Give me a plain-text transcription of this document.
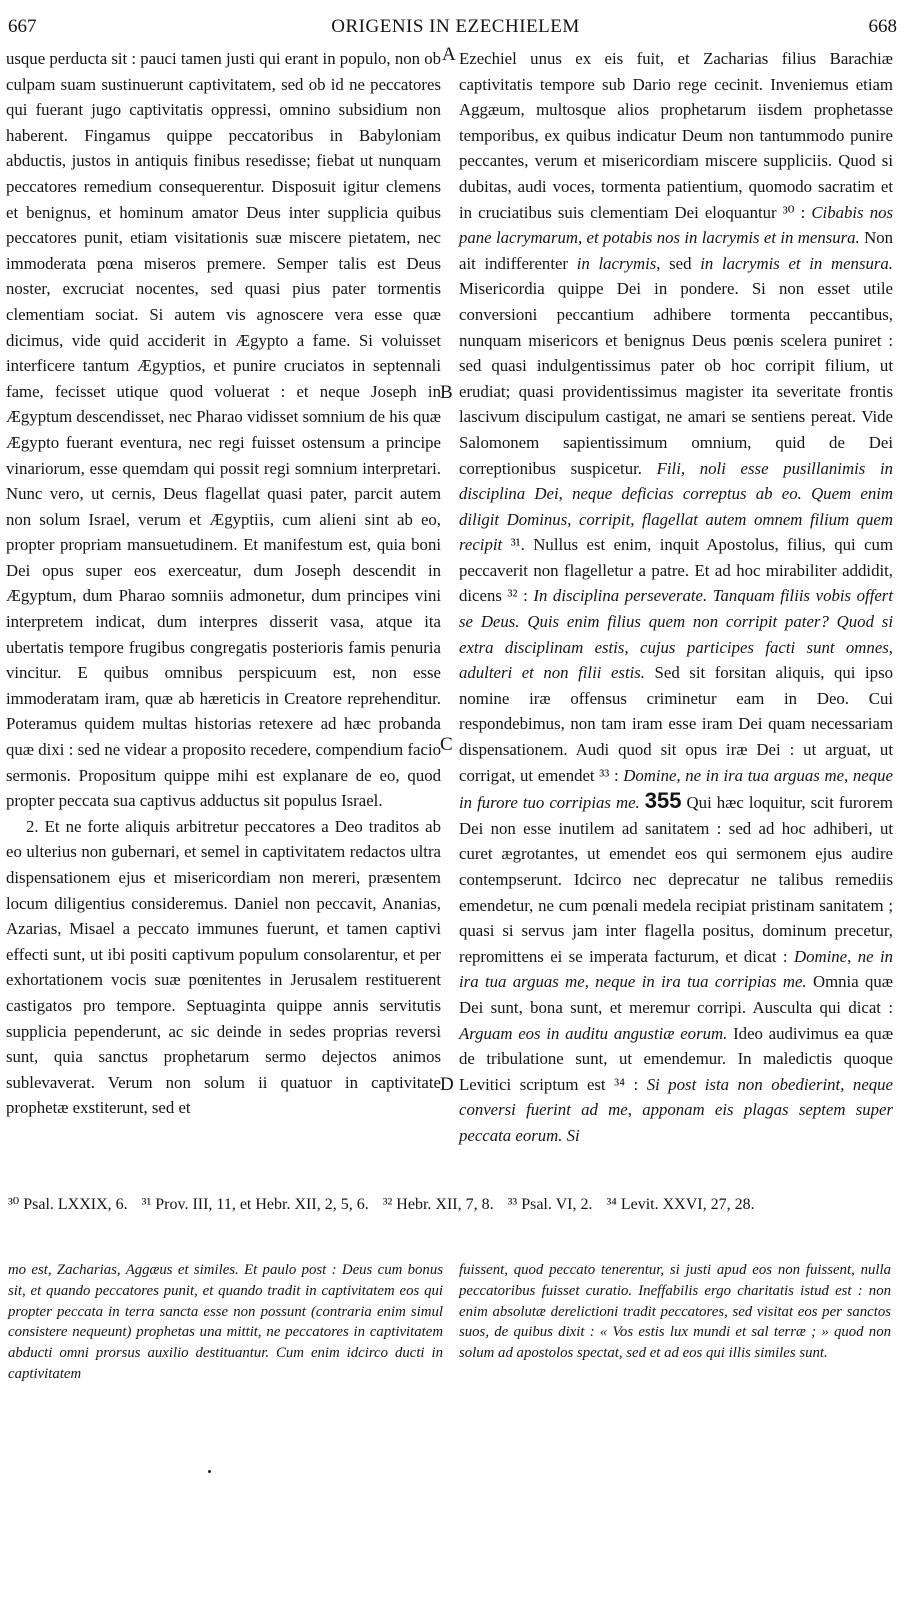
667	ORIGENIS IN EZECHIELEM	668
A
B
C
D

usque perducta sit : pauci tamen justi qui erant in populo, non ob culpam suam sustinuerunt captivitatem, sed ob id ne peccatores qui fuerant jugo captivitatis oppressi, omnino subsidium non haberent. Fingamus quippe peccatoribus in Babyloniam abductis, justos in antiquis finibus resedisse; fiebat ut nunquam peccatores remedium consequerentur. Disposuit igitur clemens et benignus, et hominum amator Deus inter supplicia quibus peccatores punit, etiam visitationis suæ miscere pietatem, nec immoderata pœna miseros premere. Semper talis est Deus noster, excruciat nocentes, sed quasi pius pater tormentis clementiam sociat. Si autem vis agnoscere vera esse quæ dicimus, vide quid acciderit in Ægypto a fame. Si voluisset interficere tantum Ægyptios, et punire cruciatos in septennali fame, fecisset utique quod voluerat : et neque Joseph in Ægyptum descendisset, nec Pharao vidisset somnium de his quæ Ægypto fuerant eventura, nec regi fuisset ostensum a principe vinariorum, esse quemdam qui possit regi somnium interpretari. Nunc vero, ut cernis, Deus flagellat quasi pater, parcit autem non solum Israel, verum et Ægyptiis, cum alieni sint ab eo, propter propriam mansuetudinem. Et manifestum est, quia boni Dei opus super eos exerceatur, dum Joseph descendit in Ægyptum, dum Pharao somniis admonetur, dum principes vini interpretem indicat, dum interpres disserit vasa, atque ita ubertatis tempore frugibus congregatis posterioris famis penuria vincitur. E quibus omnibus perspicuum est, non esse immoderatam iram, quæ ab hæreticis in Creatore reprehenditur. Poteramus quidem multas historias retexere ad hæc probanda quæ dixi : sed ne videar a proposito recedere, compendium facio sermonis. Propositum quippe mihi est explanare de eo, quod propter peccata sua captivus adductus sit populus Israel.

2. Et ne forte aliquis arbitretur peccatores a Deo traditos ab eo ulterius non gubernari, et semel in captivitatem redactos ultra dispensationem ejus et misericordiam non mereri, præsentem locum diligentius consideremus. Daniel non peccavit, Ananias, Azarias, Misael a peccato immunes fuerunt, et tamen captivi effecti sunt, ut ibi positi captivum populum consolarentur, et per exhortationem vocis suæ pœnitentes in Jerusalem restituerent castigatos pro tempore. Septuaginta quippe annis servitutis supplicia pependerunt, ac sic deinde in sedes proprias reversi sunt, quia sanctus prophetarum sermo dejectos animos sublevaverat. Verum non solum ii quatuor in captivitate prophetæ exstiterunt, sed et

Ezechiel unus ex eis fuit, et Zacharias filius Barachiæ captivitatis tempore sub Dario rege cecinit. Inveniemus etiam Aggæum, multosque alios prophetarum iisdem prophetasse temporibus, ex quibus indicatur Deum non tantummodo punire peccantes, verum et misericordiam miscere suppliciis. Quod si dubitas, audi voces, tormenta patientium, quomodo sacratim et in cruciatibus suis clementiam Dei eloquantur ³⁰ : Cibabis nos pane lacrymarum, et potabis nos in lacrymis et in mensura. Non ait indifferenter in lacrymis, sed in lacrymis et in mensura. Misericordia quippe Dei in pondere. Si non esset utile conversioni peccantium adhibere tormenta peccantibus, nunquam misericors et benignus Deus pœnis scelera puniret : sed quasi indulgentissimus pater ob hoc corripit filium, ut erudiat; quasi providentissimus magister ita severitate frontis lascivum discipulum castigat, ne amari se sentiens pereat. Vide Salomonem sapientissimum omnium, quid de Dei correptionibus suspicetur. Fili, noli esse pusillanimis in disciplina Dei, neque deficias correptus ab eo. Quem enim diligit Dominus, corripit, flagellat autem omnem filium quem recipit ³¹. Nullus est enim, inquit Apostolus, filius, qui cum peccaverit non flagelletur a patre. Et ad hoc mirabiliter addidit, dicens ³² : In disciplina perseverate. Tanquam filiis vobis offert se Deus. Quis enim filius quem non corripit pater? Quod si extra disciplinam estis, cujus participes facti sunt omnes, adulteri et non filii estis. Sed sit forsitan aliquis, qui ipso nomine iræ offensus criminetur eam in Deo. Cui respondebimus, non tam iram esse iram Dei quam necessariam dispensationem. Audi quod sit opus iræ Dei : ut arguat, ut corrigat, ut emendet ³³ : Domine, ne in ira tua arguas me, neque in furore tuo corripias me. 355 Qui hæc loquitur, scit furorem Dei non esse inutilem ad sanitatem : sed ad hoc adhiberi, ut curet ægrotantes, ut emendet eos qui sermonem ejus audire contempserunt. Idcirco nec deprecatur ne talibus remediis emendetur, ne cum pœnali medela recipiat pristinam sanitatem ; quasi si servus jam inter flagella positus, dominum precetur, repromittens ei se imperata facturum, et dicat : Domine, ne in ira tua arguas me, neque in ira tua corripias me. Omnia quæ Dei sunt, bona sunt, et meremur corripi. Ausculta qui dicat : Arguam eos in auditu angustiæ eorum. Ideo audivimus ea quæ de tribulatione sunt, ut emendemur. In maledictis quoque Levitici scriptum est ³⁴ : Si post ista non obedierint, neque conversi fuerint ad me, apponam eis plagas septem super peccata eorum. Si

³⁰ Psal. LXXIX, 6. ³¹ Prov. III, 11, et Hebr. XII, 2, 5, 6. ³² Hebr. XII, 7, 8. ³³ Psal. VI, 2. ³⁴ Levit. XXVI, 27, 28.

mo est, Zacharias, Aggæus et similes. Et paulo post : Deus cum bonus sit, et quando peccatores punit, et quando tradit in captivitatem eos qui propter peccata in terra sancta esse non possunt (contraria enim simul consistere nequeunt) prophetas una mittit, ne peccatores in captivitatem abducti omni prorsus auxilio destituantur. Cum enim idcirco ducti in captivitatem

fuissent, quod peccato tenerentur, si justi apud eos non fuissent, nulla peccatoribus fuisset curatio. Ineffabilis ergo charitatis istud est : non enim absolutæ derelictioni tradit peccatores, sed visitat eos per sanctos suos, de quibus dixit : « Vos estis lux mundi et sal terræ ; » quod non solum ad apostolos spectat, sed et ad eos qui illis similes sunt.
